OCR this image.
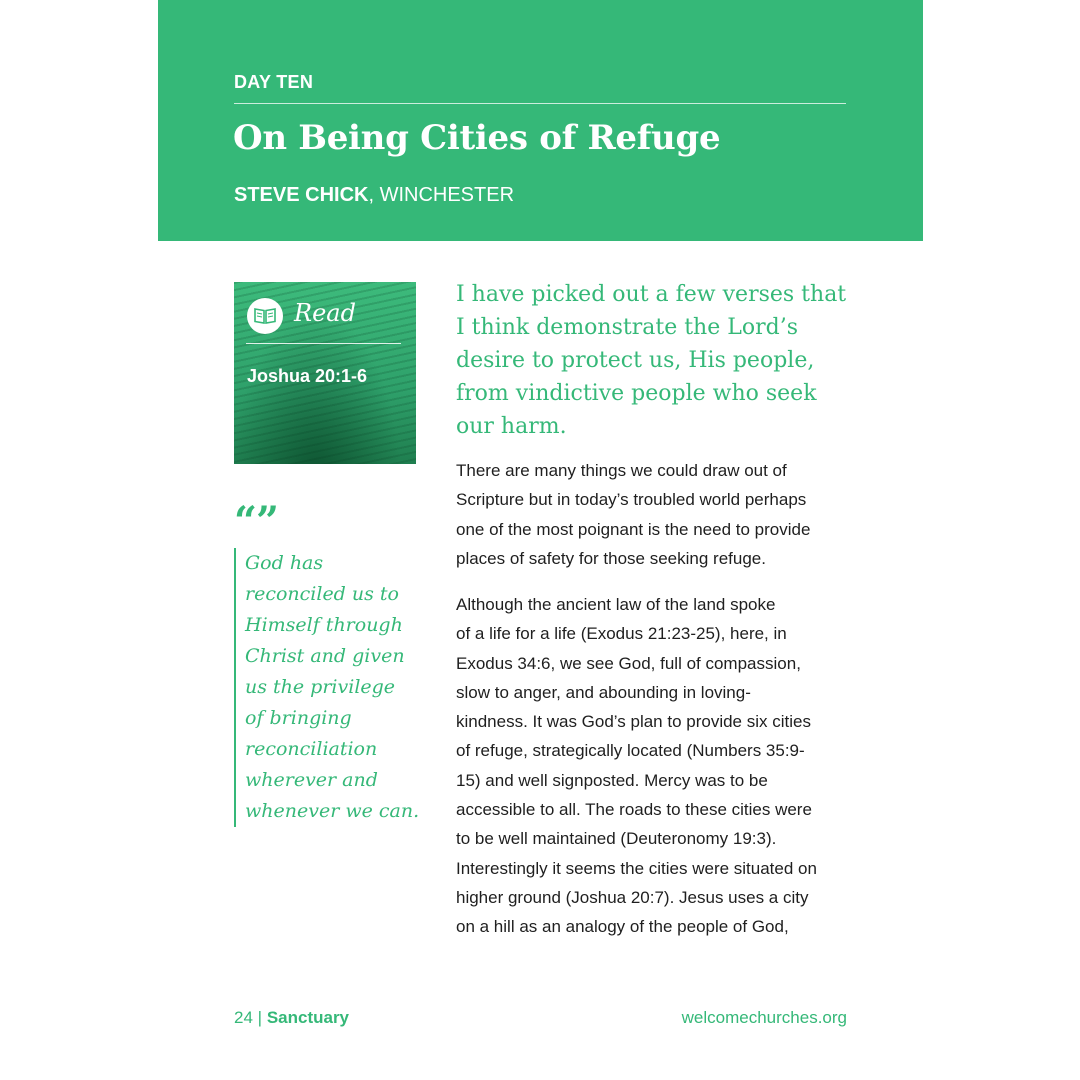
DAY TEN
On Being Cities of Refuge
STEVE CHICK, WINCHESTER
Read
Joshua 20:1-6
“”
God has
reconciled us to
Himself through
Christ and given
us the privilege
of bringing
reconciliation
wherever and
whenever we can.
I have picked out a few verses that
I think demonstrate the Lord’s
desire to protect us, His people,
from vindictive people who seek
our harm.
There are many things we could draw out of
Scripture but in today’s troubled world perhaps
one of the most poignant is the need to provide
places of safety for those seeking refuge.
Although the ancient law of the land spoke
of a life for a life (Exodus 21:23-25), here, in
Exodus 34:6, we see God, full of compassion,
slow to anger, and abounding in loving-
kindness. It was God’s plan to provide six cities
of refuge, strategically located (Numbers 35:9-
15) and well signposted. Mercy was to be
accessible to all. The roads to these cities were
to be well maintained (Deuteronomy 19:3).
Interestingly it seems the cities were situated on
higher ground (Joshua 20:7). Jesus uses a city
on a hill as an analogy of the people of God,
24 | Sanctuary	welcomechurches.org
